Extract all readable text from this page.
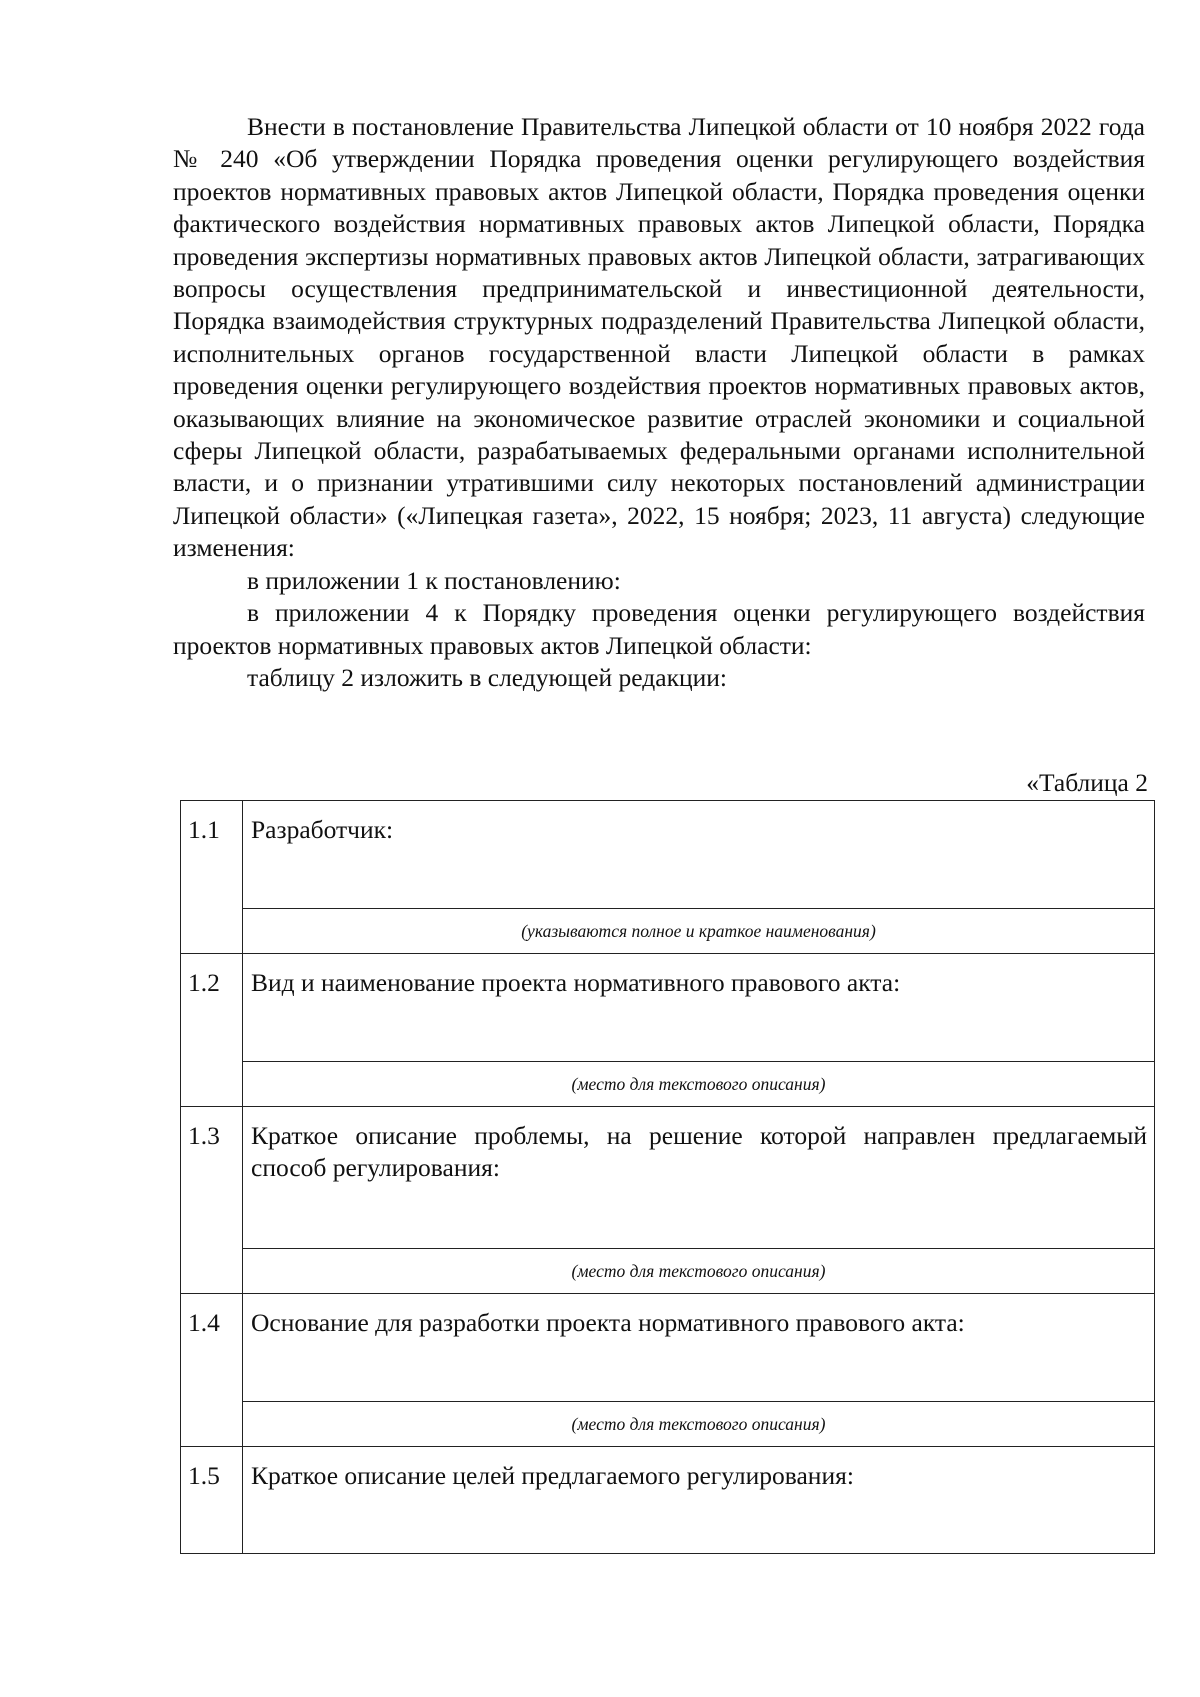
Внести в постановление Правительства Липецкой области от 10 ноября 2022 года № 240 «Об утверждении Порядка проведения оценки регулирующего воздействия проектов нормативных правовых актов Липецкой области, Порядка проведения оценки фактического воздействия нормативных правовых актов Липецкой области, Порядка проведения экспертизы нормативных правовых актов Липецкой области, затрагивающих вопросы осуществления предпринимательской и инвестиционной деятельности, Порядка взаимодействия структурных подразделений Правительства Липецкой области, исполнительных органов государственной власти Липецкой области в рамках проведения оценки регулирующего воздействия проектов нормативных правовых актов, оказывающих влияние на экономическое развитие отраслей экономики и социальной сферы Липецкой области, разрабатываемых федеральными органами исполнительной власти, и о признании утратившими силу некоторых постановлений администрации Липецкой области» («Липецкая газета», 2022, 15 ноября; 2023, 11 августа) следующие изменения:

в приложении 1 к постановлению:

в приложении 4 к Порядку проведения оценки регулирующего воздействия проектов нормативных правовых актов Липецкой области:

таблицу 2 изложить в следующей редакции:

«Таблица 2
1.1	Разработчик:
	(указываются полное и краткое наименования)
1.2	Вид и наименование проекта нормативного правового акта:
	(место для текстового описания)
1.3	Краткое описание проблемы, на решение которой направлен предлагаемый способ регулирования:
	(место для текстового описания)
1.4	Основание для разработки проекта нормативного правового акта:
	(место для текстового описания)
1.5	Краткое описание целей предлагаемого регулирования:
